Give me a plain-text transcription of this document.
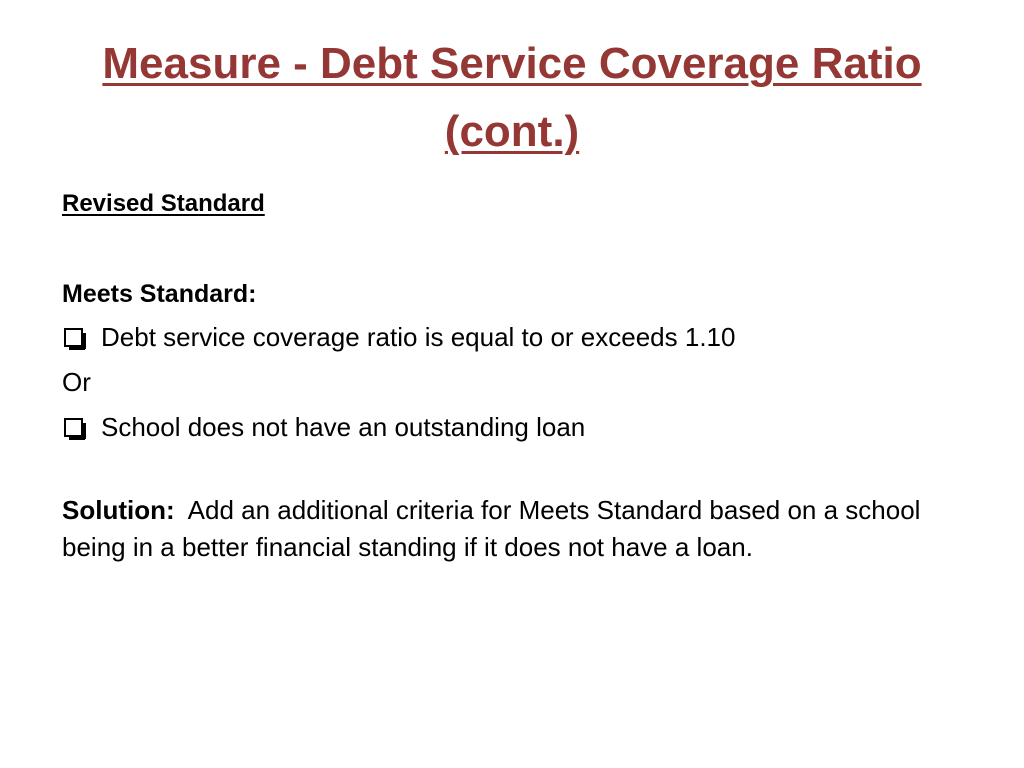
Measure - Debt Service Coverage Ratio (cont.)

Revised Standard

Meets Standard:

Debt service coverage ratio is equal to or exceeds 1.10

Or

School does not have an outstanding loan

Solution: Add an additional criteria for Meets Standard based on a school being in a better financial standing if it does not have a loan.
